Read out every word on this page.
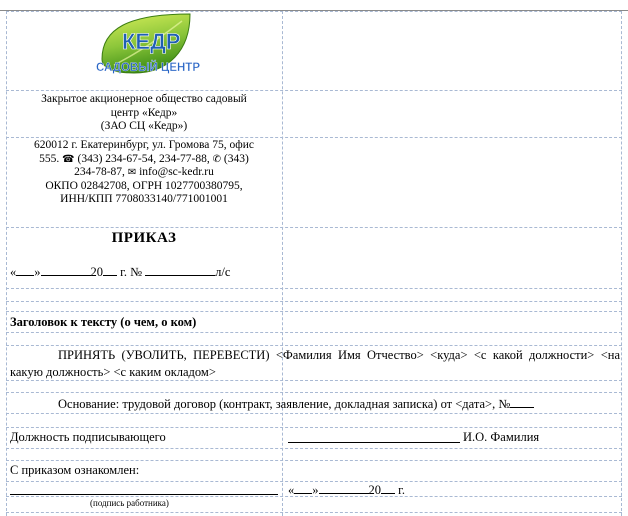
КЕДР
САДОВЫЙ ЦЕНТР
Закрытое акционерное общество садовый
центр «Кедр»
(ЗАО СЦ «Кедр»)
620012 г. Екатеринбург, ул. Громова 75, офис
555. ☎ (343) 234-67-54, 234-77-88, ✆ (343)
234-78-87, ✉ info@sc-kedr.ru
ОКПО 02842708, ОГРН 1027700380795,
ИНН/КПП 7708033140/771001001
ПРИКАЗ
« »	20 г. №	л/с
Заголовок к тексту (о чем, о ком)
ПРИНЯТЬ (УВОЛИТЬ, ПЕРЕВЕСТИ) <Фамилия Имя Отчество> <куда> <с какой должности> <на какую должность> <с каким окладом>
Основание: трудовой договор (контракт, заявление, докладная записка) от <дата>, №
Должность подписывающего	И.О. Фамилия
С приказом ознакомлен:
(подпись работника)
« »	20 г.
